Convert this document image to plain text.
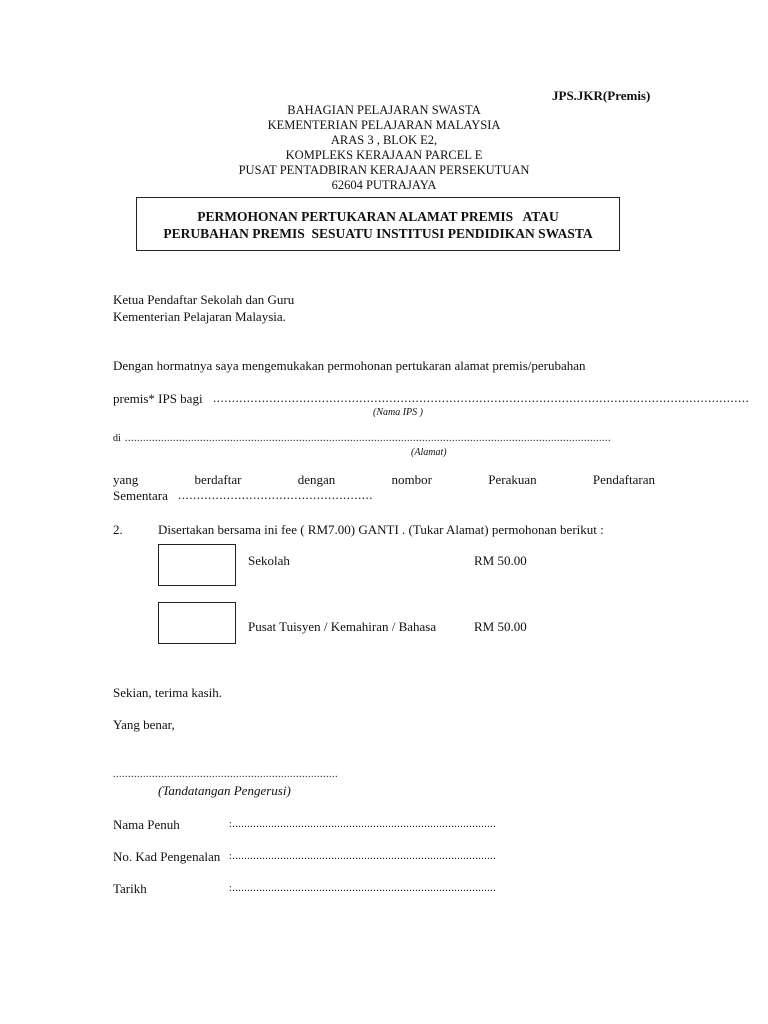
JPS.JKR(Premis)
BAHAGIAN PELAJARAN SWASTA
KEMENTERIAN PELAJARAN MALAYSIA
ARAS 3 , BLOK E2,
KOMPLEKS KERAJAAN PARCEL E
PUSAT PENTADBIRAN KERAJAAN PERSEKUTUAN
62604 PUTRAJAYA
PERMOHONAN PERTUKARAN ALAMAT PREMIS   ATAU
PERUBAHAN PREMIS  SESUATU INSTITUSI PENDIDIKAN SWASTA
Ketua Pendaftar Sekolah dan Guru
Kementerian Pelajaran Malaysia.
Dengan hormatnya saya mengemukakan permohonan pertukaran alamat premis/perubahan
premis* IPS bagi ...............................................................................................................................................
(Nama IPS )
di ..................................................................................................................................................................
(Alamat)
yang	berdaftar	dengan	nombor	Perakuan	Pendaftaran
Sementara ....................................................
2.	Disertakan bersama ini fee ( RM7.00) GANTI . (Tukar Alamat) permohonan berikut :
Sekolah	RM 50.00
Pusat Tuisyen / Kemahiran / Bahasa	RM 50.00
Sekian, terima kasih.
Yang benar,
...........................................................................
(Tandatangan Pengerusi)
Nama Penuh	:........................................................................................
No. Kad Pengenalan :........................................................................................
Tarikh	:........................................................................................
